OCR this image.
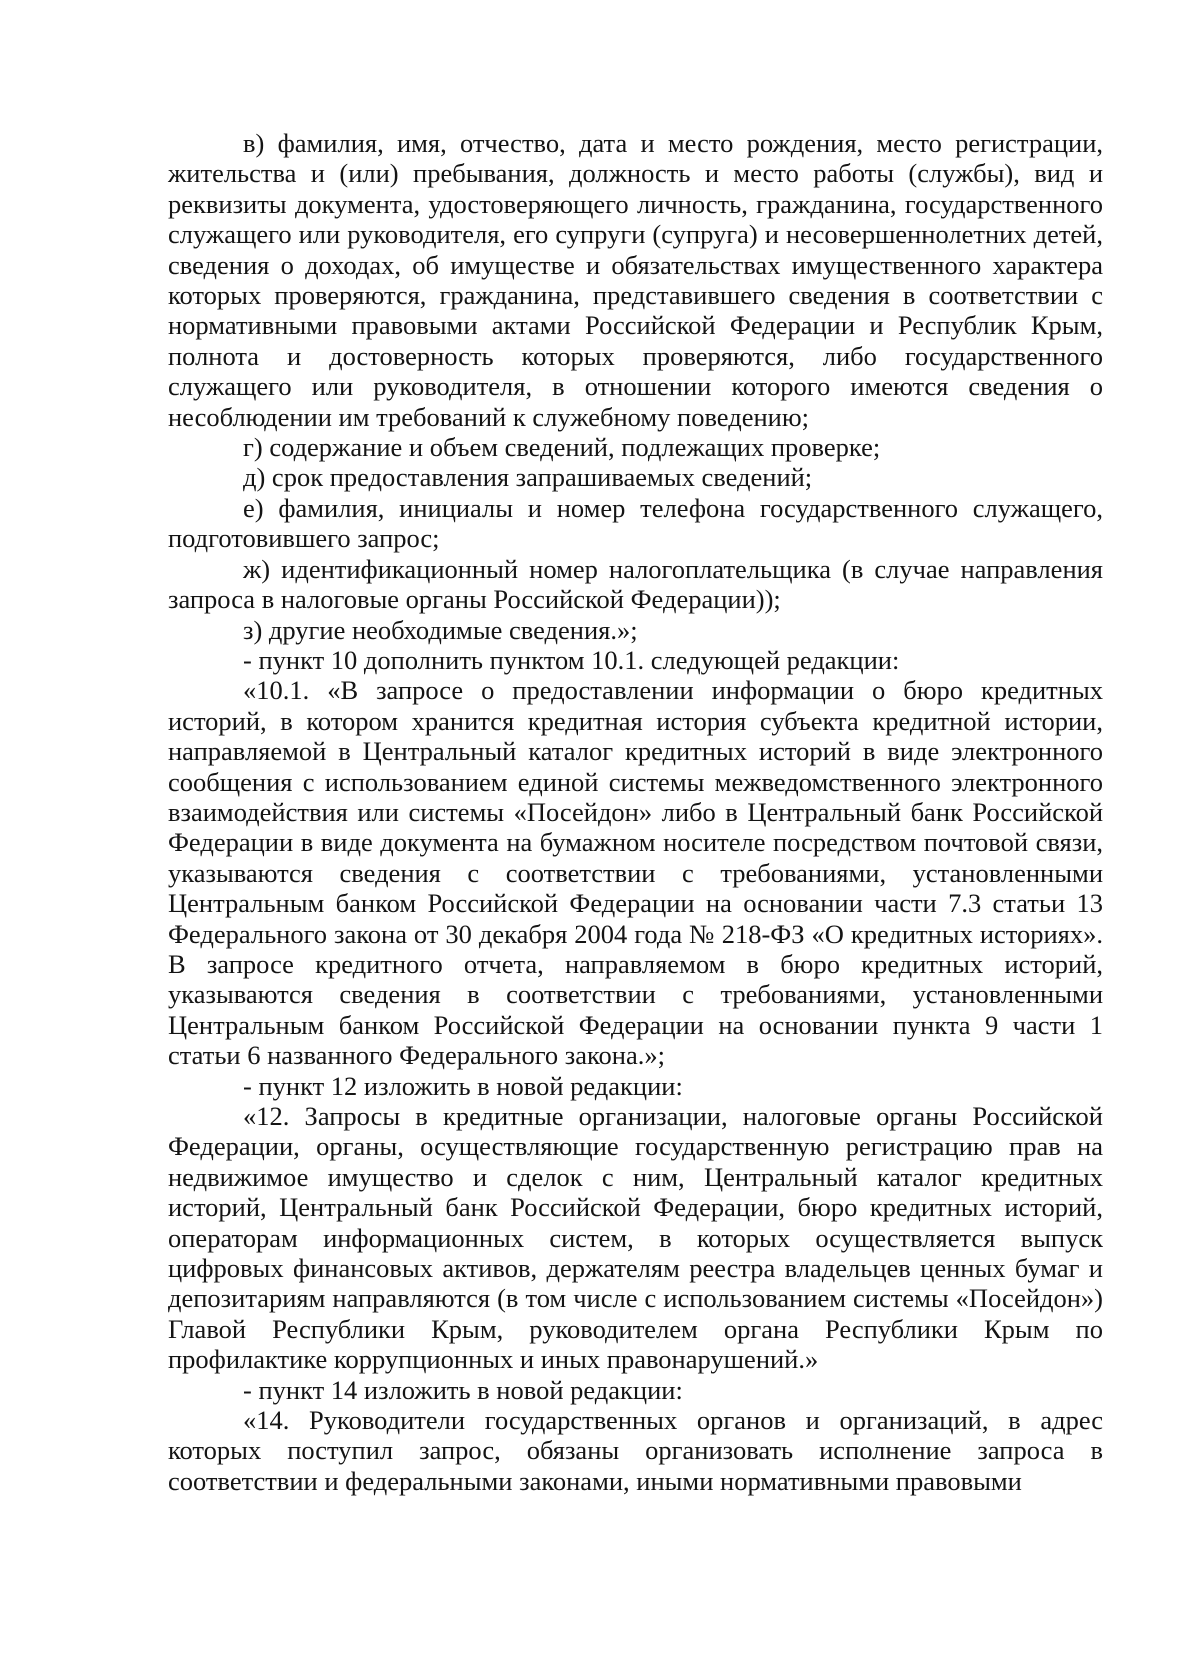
в) фамилия, имя, отчество, дата и место рождения, место регистрации, жительства и (или) пребывания, должность и место работы (службы), вид и реквизиты документа, удостоверяющего личность, гражданина, государственного служащего или руководителя, его супруги (супруга) и несовершеннолетних детей, сведения о доходах, об имуществе и обязательствах имущественного характера которых проверяются, гражданина, представившего сведения в соответствии с нормативными правовыми актами Российской Федерации и Республик Крым, полнота и достоверность которых проверяются, либо государственного служащего или руководителя, в отношении которого имеются сведения о несоблюдении им требований к служебному поведению;

г) содержание и объем сведений, подлежащих проверке;

д) срок предоставления запрашиваемых сведений;

е) фамилия, инициалы и номер телефона государственного служащего, подготовившего запрос;

ж) идентификационный номер налогоплательщика (в случае направления запроса в налоговые органы Российской Федерации));

з) другие необходимые сведения.»;

- пункт 10 дополнить пунктом 10.1. следующей редакции:

«10.1. «В запросе о предоставлении информации о бюро кредитных историй, в котором хранится кредитная история субъекта кредитной истории, направляемой в Центральный каталог кредитных историй в виде электронного сообщения с использованием единой системы межведомственного электронного взаимодействия или системы «Посейдон» либо в Центральный банк Российской Федерации в виде документа на бумажном носителе посредством почтовой связи, указываются сведения с соответствии с требованиями, установленными Центральным банком Российской Федерации на основании части 7.3 статьи 13 Федерального закона от 30 декабря 2004 года № 218-ФЗ «О кредитных историях». В запросе кредитного отчета, направляемом в бюро кредитных историй, указываются сведения в соответствии с требованиями, установленными Центральным банком Российской Федерации на основании пункта 9 части 1 статьи 6 названного Федерального закона.»;

- пункт 12 изложить в новой редакции:

«12. Запросы в кредитные организации, налоговые органы Российской Федерации, органы, осуществляющие государственную регистрацию прав на недвижимое имущество и сделок с ним, Центральный каталог кредитных историй, Центральный банк Российской Федерации, бюро кредитных историй, операторам информационных систем, в которых осуществляется выпуск цифровых финансовых активов, держателям реестра владельцев ценных бумаг и депозитариям направляются (в том числе с использованием системы «Посейдон») Главой Республики Крым, руководителем органа Республики Крым по профилактике коррупционных и иных правонарушений.»

- пункт 14 изложить в новой редакции:

«14. Руководители государственных органов и организаций, в адрес которых поступил запрос, обязаны организовать исполнение запроса в соответствии и федеральными законами, иными нормативными правовыми
